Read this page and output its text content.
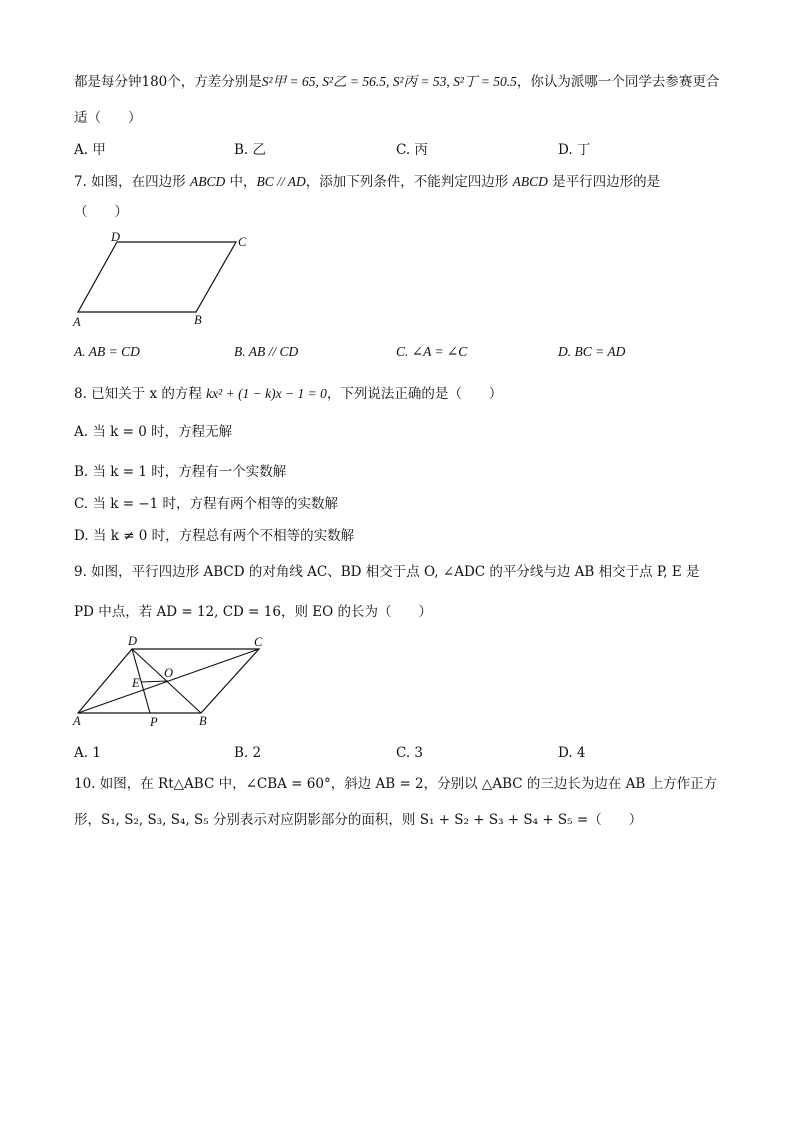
都是每分钟180个，方差分别是S²甲 = 65, S²乙 = 56.5, S²丙 = 53, S²丁 = 50.5，你认为派哪一个同学去参赛更合
适（　　）
A. 甲	B. 乙	C. 丙	D. 丁
7. 如图，在四边形 ABCD 中，BC // AD，添加下列条件，不能判定四边形 ABCD 是平行四边形的是
（　　）
D	C
A	B
A. AB = CD	B. AB // CD	C. ∠A = ∠C	D. BC = AD
8. 已知关于 x 的方程 kx² + (1 − k)x − 1 = 0，下列说法正确的是（　　）
A. 当 k = 0 时，方程无解
B. 当 k = 1 时，方程有一个实数解
C. 当 k = −1 时，方程有两个相等的实数解
D. 当 k ≠ 0 时，方程总有两个不相等的实数解
9. 如图，平行四边形 ABCD 的对角线 AC、BD 相交于点 O, ∠ADC 的平分线与边 AB 相交于点 P, E 是
PD 中点，若 AD = 12, CD = 16，则 EO 的长为（　　）
D	C
O
E
A	P	B
A. 1	B. 2	C. 3	D. 4
10. 如图，在 Rt△ABC 中，∠CBA = 60°，斜边 AB = 2，分别以 △ABC 的三边长为边在 AB 上方作正方
形，S₁, S₂, S₃, S₄, S₅ 分别表示对应阴影部分的面积，则 S₁ + S₂ + S₃ + S₄ + S₅ =（　　）
